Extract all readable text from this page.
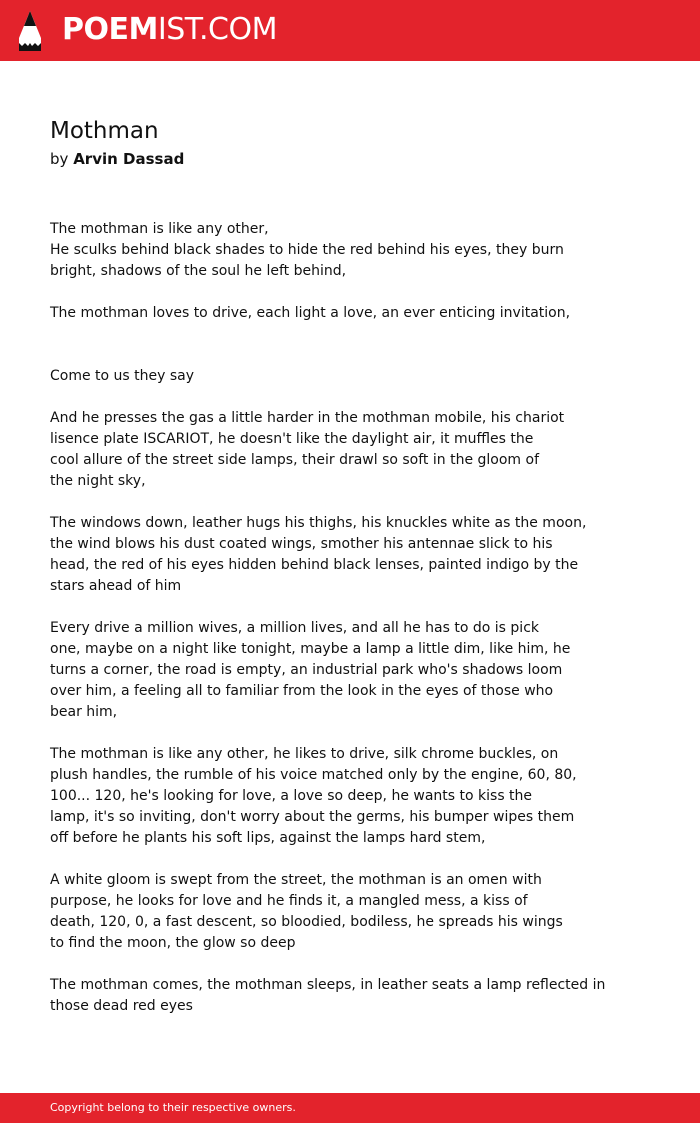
POEMIST.COM
Mothman
by Arvin Dassad
The mothman is like any other,
He sculks behind black shades to hide the red behind his eyes, they burn
bright, shadows of the soul he left behind,
The mothman loves to drive, each light a love, an ever enticing invitation,
Come to us they say
And he presses the gas a little harder in the mothman mobile, his chariot
lisence plate ISCARIOT, he doesn't like the daylight air, it muffles the
cool allure of the street side lamps, their drawl so soft in the gloom of
the night sky,
The windows down, leather hugs his thighs, his knuckles white as the moon,
the wind blows his dust coated wings, smother his antennae slick to his
head, the red of his eyes hidden behind black lenses, painted indigo by the
stars ahead of him
Every drive a million wives, a million lives, and all he has to do is pick
one, maybe on a night like tonight, maybe a lamp a little dim, like him, he
turns a corner, the road is empty, an industrial park who's shadows loom
over him, a feeling all to familiar from the look in the eyes of those who
bear him,
The mothman is like any other, he likes to drive, silk chrome buckles, on
plush handles, the rumble of his voice matched only by the engine, 60, 80,
100... 120, he's looking for love, a love so deep, he wants to kiss the
lamp, it's so inviting, don't worry about the germs, his bumper wipes them
off before he plants his soft lips, against the lamps hard stem,
A white gloom is swept from the street, the mothman is an omen with
purpose, he looks for love and he finds it, a mangled mess, a kiss of
death, 120, 0, a fast descent, so bloodied, bodiless, he spreads his wings
to find the moon, the glow so deep
The mothman comes, the mothman sleeps, in leather seats a lamp reflected in
those dead red eyes
Copyright belong to their respective owners.
